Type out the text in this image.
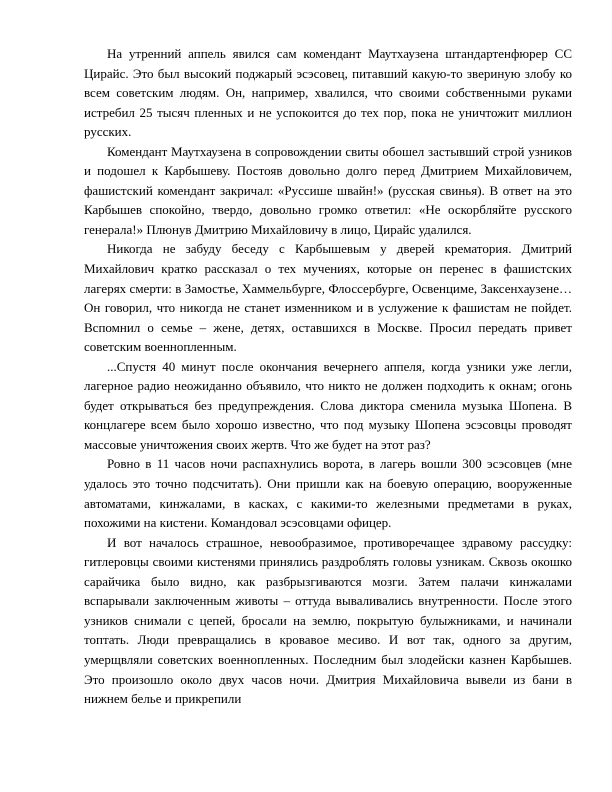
На утренний аппель явился сам комендант Маутхаузена штандартенфюрер СС Цирайс. Это был высокий поджарый эсэсовец, питавший какую-то звериную злобу ко всем советским людям. Он, например, хвалился, что своими собственными руками истребил 25 тысяч пленных и не успокоится до тех пор, пока не уничтожит миллион русских.

Комендант Маутхаузена в сопровождении свиты обошел застывший строй узников и подошел к Карбышеву. Постояв довольно долго перед Дмитрием Михайловичем, фашистский комендант закричал: «Руссише швайн!» (русская свинья). В ответ на это Карбышев спокойно, твердо, довольно громко ответил: «Не оскорбляйте русского генерала!» Плюнув Дмитрию Михайловичу в лицо, Цирайс удалился.

Никогда не забуду беседу с Карбышевым у дверей крематория. Дмитрий Михайлович кратко рассказал о тех мучениях, которые он перенес в фашистских лагерях смерти: в Замостье, Хаммельбурге, Флоссербурге, Освенциме, Заксенхаузене… Он говорил, что никогда не станет изменником и в услужение к фашистам не пойдет. Вспомнил о семье – жене, детях, оставшихся в Москве. Просил передать привет советским военнопленным.

...Спустя 40 минут после окончания вечернего аппеля, когда узники уже легли, лагерное радио неожиданно объявило, что никто не должен подходить к окнам; огонь будет открываться без предупреждения. Слова диктора сменила музыка Шопена. В концлагере всем было хорошо известно, что под музыку Шопена эсэсовцы проводят массовые уничтожения своих жертв. Что же будет на этот раз?

Ровно в 11 часов ночи распахнулись ворота, в лагерь вошли 300 эсэсовцев (мне удалось это точно подсчитать). Они пришли как на боевую операцию, вооруженные автоматами, кинжалами, в касках, с какими-то железными предметами в руках, похожими на кистени. Командовал эсэсовцами офицер.

И вот началось страшное, невообразимое, противоречащее здравому рассудку: гитлеровцы своими кистенями принялись раздроблять головы узникам. Сквозь окошко сарайчика было видно, как разбрызгиваются мозги. Затем палачи кинжалами вспарывали заключенным животы – оттуда вываливались внутренности. После этого узников снимали с цепей, бросали на землю, покрытую булыжниками, и начинали топтать. Люди превращались в кровавое месиво. И вот так, одного за другим, умерщвляли советских военнопленных. Последним был злодейски казнен Карбышев. Это произошло около двух часов ночи. Дмитрия Михайловича вывели из бани в нижнем белье и прикрепили
